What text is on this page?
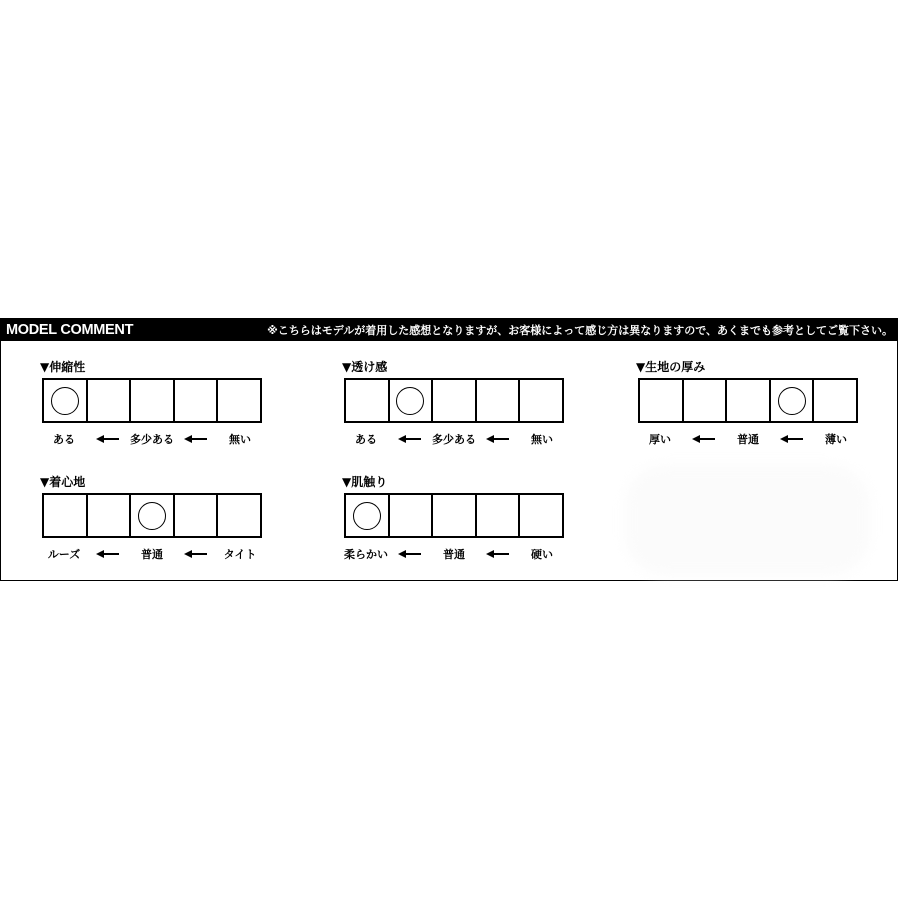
MODEL COMMENT	※こちらはモデルが着用した感想となりますが、お客様によって感じ方は異なりますので、あくまでも参考としてご覧下さい。
▼伸縮性
ある	多少ある	無い
▼透け感
ある	多少ある	無い
▼生地の厚み
厚い	普通	薄い
▼着心地
ルーズ	普通	タイト
▼肌触り
柔らかい	普通	硬い
